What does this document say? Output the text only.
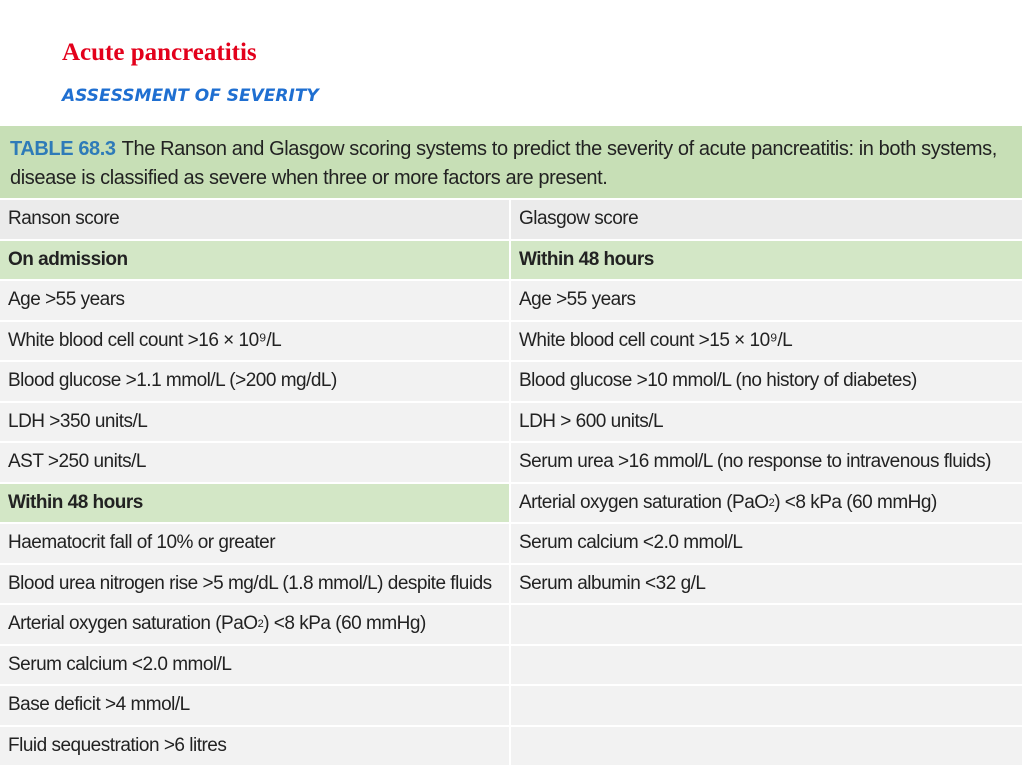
Acute pancreatitis
ASSESSMENT OF SEVERITY
TABLE 68.3 The Ranson and Glasgow scoring systems to predict the severity of acute pancreatitis: in both systems, disease is classified as severe when three or more factors are present.
Ranson score	Glasgow score
On admission	Within 48 hours
Age >55 years	Age >55 years
White blood cell count >16 × 10⁹/L	White blood cell count >15 × 10⁹/L
Blood glucose >1.1 mmol/L (>200 mg/dL)	Blood glucose >10 mmol/L (no history of diabetes)
LDH >350 units/L	LDH > 600 units/L
AST >250 units/L	Serum urea >16 mmol/L (no response to intravenous fluids)
Within 48 hours	Arterial oxygen saturation (PaO 2 ) <8 kPa (60 mmHg)
Haematocrit fall of 10% or greater	Serum calcium <2.0 mmol/L
Blood urea nitrogen rise >5 mg/dL (1.8 mmol/L) despite fluids	Serum albumin <32 g/L
Arterial oxygen saturation (PaO 2 ) <8 kPa (60 mmHg)
Serum calcium <2.0 mmol/L
Base deficit >4 mmol/L
Fluid sequestration >6 litres
